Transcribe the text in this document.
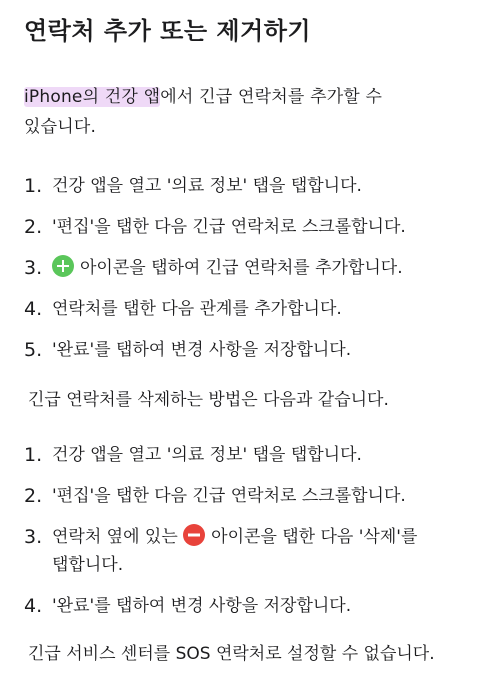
연락처 추가 또는 제거하기

iPhone의 건강 앱에서 긴급 연락처를 추가할 수
있습니다.

1. 건강 앱을 열고 '의료 정보' 탭을 탭합니다.
2. '편집'을 탭한 다음 긴급 연락처로 스크롤합니다.
3.	아이콘을 탭하여 긴급 연락처를 추가합니다.
4. 연락처를 탭한 다음 관계를 추가합니다.
5. '완료'를 탭하여 변경 사항을 저장합니다.

긴급 연락처를 삭제하는 방법은 다음과 같습니다.

1. 건강 앱을 열고 '의료 정보' 탭을 탭합니다.
2. '편집'을 탭한 다음 긴급 연락처로 스크롤합니다.
3. 연락처 옆에 있는 아이콘을 탭한 다음 '삭제'를
탭합니다.
4. '완료'를 탭하여 변경 사항을 저장합니다.

긴급 서비스 센터를 SOS 연락처로 설정할 수 없습니다.
